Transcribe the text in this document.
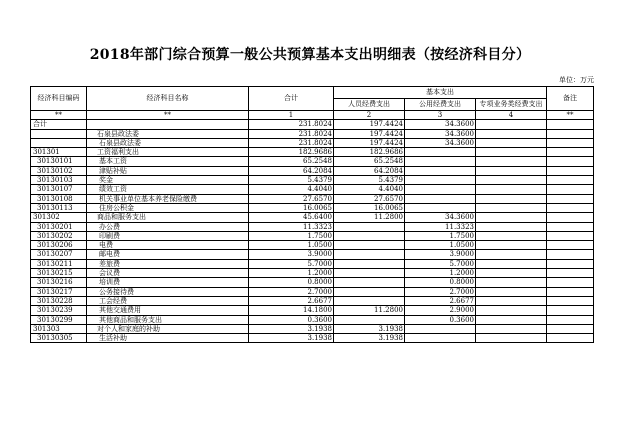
2018年部门综合预算一般公共预算基本支出明细表（按经济科目分）
单位：万元
经济科目编码	经济科目名称	合计	基本支出			备注
			人员经费支出	公用经费支出	专项业务类经费支出	
**	**	1	2	3	4	**
合计		231.8024	197.4424	34.3600		
	石泉县政法委	231.8024	197.4424	34.3600		
	石泉县政法委	231.8024	197.4424	34.3600		
301301	工资福利支出	182.9686	182.9686			
30130101	基本工资	65.2548	65.2548			
30130102	津贴补贴	64.2084	64.2084			
30130103	奖金	5.4379	5.4379			
30130107	绩效工资	4.4040	4.4040			
30130108	机关事业单位基本养老保险缴费	27.6570	27.6570			
30130113	住房公积金	16.0065	16.0065			
301302	商品和服务支出	45.6400	11.2800	34.3600		
30130201	办公费	11.3323		11.3323		
30130202	印刷费	1.7500		1.7500		
30130206	电费	1.0500		1.0500		
30130207	邮电费	3.9000		3.9000		
30130211	差旅费	5.7000		5.7000		
30130215	会议费	1.2000		1.2000		
30130216	培训费	0.8000		0.8000		
30130217	公务接待费	2.7000		2.7000		
30130228	工会经费	2.6677		2.6677		
30130239	其他交通费用	14.1800	11.2800	2.9000		
30130299	其他商品和服务支出	0.3600		0.3600		
301303	对个人和家庭的补助	3.1938	3.1938			
30130305	生活补助	3.1938	3.1938			
